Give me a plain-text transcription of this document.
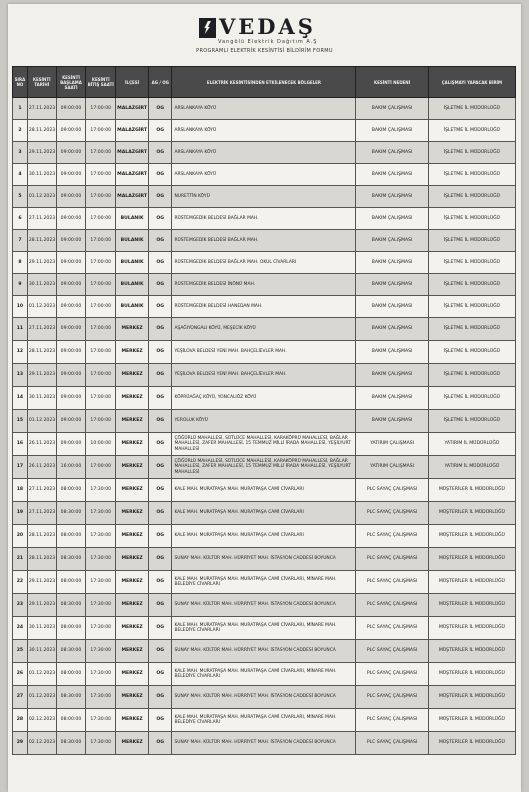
VEDAŞ
Vangölü Elektrik Dağıtım A.Ş
PROGRAMLI ELEKTRİK KESİNTİSİ BİLDİRİM FORMU
SIRA NO	KESİNTİ TARİHİ	KESİNTİ BAŞLAMA SAATİ	KESİNTİ BİTİŞ SAATİ	İLÇESİ	AG / OG	ELEKTRİK KESİNTİSİNDEN ETKİLENECEK BÖLGELER	KESİNTİ NEDENİ	ÇALIŞMAYI YAPACAK BİRİM
1	27.11.2023	09:00:00	17:00:00	MALAZGİRT	OG	ARSLANKAYA KÖYÜ	BAKIM ÇALIŞMASI	İŞLETME İL MÜDÜRLÜĞÜ
2	28.11.2023	09:00:00	17:00:00	MALAZGİRT	OG	ARSLANKAYA KÖYÜ	BAKIM ÇALIŞMASI	İŞLETME İL MÜDÜRLÜĞÜ
3	29.11.2023	09:00:00	17:00:00	MALAZGİRT	OG	ARSLANKAYA KÖYÜ	BAKIM ÇALIŞMASI	İŞLETME İL MÜDÜRLÜĞÜ
4	30.11.2023	09:00:00	17:00:00	MALAZGİRT	OG	ARSLANKAYA KÖYÜ	BAKIM ÇALIŞMASI	İŞLETME İL MÜDÜRLÜĞÜ
5	01.12.2023	09:00:00	17:00:00	MALAZGİRT	OG	NURETTİN KÖYÜ	BAKIM ÇALIŞMASI	İŞLETME İL MÜDÜRLÜĞÜ
6	27.11.2023	09:00:00	17:00:00	BULANIK	OG	RÜSTEMGEDİK BELDESİ BAĞLAR MAH.	BAKIM ÇALIŞMASI	İŞLETME İL MÜDÜRLÜĞÜ
7	28.11.2023	09:00:00	17:00:00	BULANIK	OG	RÜSTEMGEDİK BELDESİ BAĞLAR MAH.	BAKIM ÇALIŞMASI	İŞLETME İL MÜDÜRLÜĞÜ
8	29.11.2023	09:00:00	17:00:00	BULANIK	OG	RÜSTEMGEDİK BELDESİ BAĞLAR MAH. OKUL CİVARLARI	BAKIM ÇALIŞMASI	İŞLETME İL MÜDÜRLÜĞÜ
9	30.11.2023	09:00:00	17:00:00	BULANIK	OG	RÜSTEMGEDİK BELDESİ İNÖNÜ MAH.	BAKIM ÇALIŞMASI	İŞLETME İL MÜDÜRLÜĞÜ
10	01.12.2023	09:00:00	17:00:00	BULANIK	OG	RÜSTEMGEDİK BELDESİ HANEDAN MAH.	BAKIM ÇALIŞMASI	İŞLETME İL MÜDÜRLÜĞÜ
11	27.11.2023	09:00:00	17:00:00	MERKEZ	OG	AŞAĞIYONGALI KÖYÜ, MEŞECİK KÖYÜ	BAKIM ÇALIŞMASI	İŞLETME İL MÜDÜRLÜĞÜ
12	28.11.2023	09:00:00	17:00:00	MERKEZ	OG	YEŞİLOVA BELDESİ YENİ MAH. BAHÇELİEVLER MAH.	BAKIM ÇALIŞMASI	İŞLETME İL MÜDÜRLÜĞÜ
13	29.11.2023	09:00:00	17:00:00	MERKEZ	OG	YEŞİLOVA BELDESİ YENİ MAH. BAHÇELİEVLER MAH.	BAKIM ÇALIŞMASI	İŞLETME İL MÜDÜRLÜĞÜ
14	30.11.2023	09:00:00	17:00:00	MERKEZ	OG	KÖPRÜAĞAÇ KÖYÜ, YONCALIÖZ KÖYÜ	BAKIM ÇALIŞMASI	İŞLETME İL MÜDÜRLÜĞÜ
15	01.12.2023	09:00:00	17:00:00	MERKEZ	OG	YEROLUK KÖYÜ	BAKIM ÇALIŞMASI	İŞLETME İL MÜDÜRLÜĞÜ
16	26.11.2023	09:00:00	10:00:00	MERKEZ	OG	ÇÖĞÜRLÜ MAHALLESİ, SÜTLÜCE MAHALLESİ, KARAKÖPRÜ MAHALLESİ, BAĞLAR MAHALLESİ, ZAFER MAHALLESİ, 15 TEMMUZ MİLLİ İRADA MAHALLESİ, YEŞİLYURT MAHALLESİ	YATIRIM ÇALIŞMASI	YATIRIM İL MÜDÜRLÜĞÜ
17	26.11.2023	16:00:00	17:00:00	MERKEZ	OG	ÇÖĞÜRLÜ MAHALLESİ, SÜTLÜCE MAHALLESİ, KARAKÖPRÜ MAHALLESİ, BAĞLAR MAHALLESİ, ZAFER MAHALLESİ, 15 TEMMUZ MİLLİ İRADA MAHALLESİ, YEŞİLYURT MAHALLESİ	YATIRIM ÇALIŞMASI	YATIRIM İL MÜDÜRLÜĞÜ
18	27.11.2023	08:00:00	17:30:00	MERKEZ	OG	KALE MAH. MURATPAŞA MAH. MURATPAŞA CAMİ CİVARLARI	PLC SAYAÇ ÇALIŞMASI	MÜŞTERİLER İL MÜDÜRLÜĞÜ
19	27.11.2023	08:30:00	17:30:00	MERKEZ	OG	KALE MAH. MURATPAŞA MAH. MURATPAŞA CAMİ CİVARLARI	PLC SAYAÇ ÇALIŞMASI	MÜŞTERİLER İL MÜDÜRLÜĞÜ
20	28.11.2023	08:00:00	17:30:00	MERKEZ	OG	KALE MAH. MURATPAŞA MAH. MURATPAŞA CAMİ CİVARLARI	PLC SAYAÇ ÇALIŞMASI	MÜŞTERİLER İL MÜDÜRLÜĞÜ
21	28.11.2023	08:30:00	17:30:00	MERKEZ	OG	SUNAY MAH. KÜLTÜR MAH. HÜRRİYET MAH. İSTASYON CADDESİ BOYUNCA	PLC SAYAÇ ÇALIŞMASI	MÜŞTERİLER İL MÜDÜRLÜĞÜ
22	29.11.2023	08:00:00	17:30:00	MERKEZ	OG	KALE MAH. MURATPAŞA MAH. MURATPAŞA CAMİ CİVARLARI, MİNARE MAH. BELEDİYE CİVARLARI	PLC SAYAÇ ÇALIŞMASI	MÜŞTERİLER İL MÜDÜRLÜĞÜ
23	29.11.2023	08:30:00	17:30:00	MERKEZ	OG	SUNAY MAH. KÜLTÜR MAH. HÜRRİYET MAH. İSTASYON CADDESİ BOYUNCA	PLC SAYAÇ ÇALIŞMASI	MÜŞTERİLER İL MÜDÜRLÜĞÜ
24	30.11.2023	08:00:00	17:30:00	MERKEZ	OG	KALE MAH. MURATPAŞA MAH. MURATPAŞA CAMİ CİVARLARI, MİNARE MAH. BELEDİYE CİVARLARI	PLC SAYAÇ ÇALIŞMASI	MÜŞTERİLER İL MÜDÜRLÜĞÜ
25	30.11.2023	08:30:00	17:30:00	MERKEZ	OG	SUNAY MAH. KÜLTÜR MAH. HÜRRİYET MAH. İSTASYON CADDESİ BOYUNCA	PLC SAYAÇ ÇALIŞMASI	MÜŞTERİLER İL MÜDÜRLÜĞÜ
26	01.12.2023	08:00:00	17:30:00	MERKEZ	OG	KALE MAH. MURATPAŞA MAH. MURATPAŞA CAMİ CİVARLARI, MİNARE MAH. BELEDİYE CİVARLARI	PLC SAYAÇ ÇALIŞMASI	MÜŞTERİLER İL MÜDÜRLÜĞÜ
27	01.12.2023	08:30:00	17:30:00	MERKEZ	OG	SUNAY MAH. KÜLTÜR MAH. HÜRRİYET MAH. İSTASYON CADDESİ BOYUNCA	PLC SAYAÇ ÇALIŞMASI	MÜŞTERİLER İL MÜDÜRLÜĞÜ
28	02.12.2023	08:00:00	17:30:00	MERKEZ	OG	KALE MAH. MURATPAŞA MAH. MURATPAŞA CAMİ CİVARLARI, MİNARE MAH. BELEDİYE CİVARLARI	PLC SAYAÇ ÇALIŞMASI	MÜŞTERİLER İL MÜDÜRLÜĞÜ
29	02.12.2023	08:30:00	17:30:00	MERKEZ	OG	SUNAY MAH. KÜLTÜR MAH. HÜRRİYET MAH. İSTASYON CADDESİ BOYUNCA	PLC SAYAÇ ÇALIŞMASI	MÜŞTERİLER İL MÜDÜRLÜĞÜ
